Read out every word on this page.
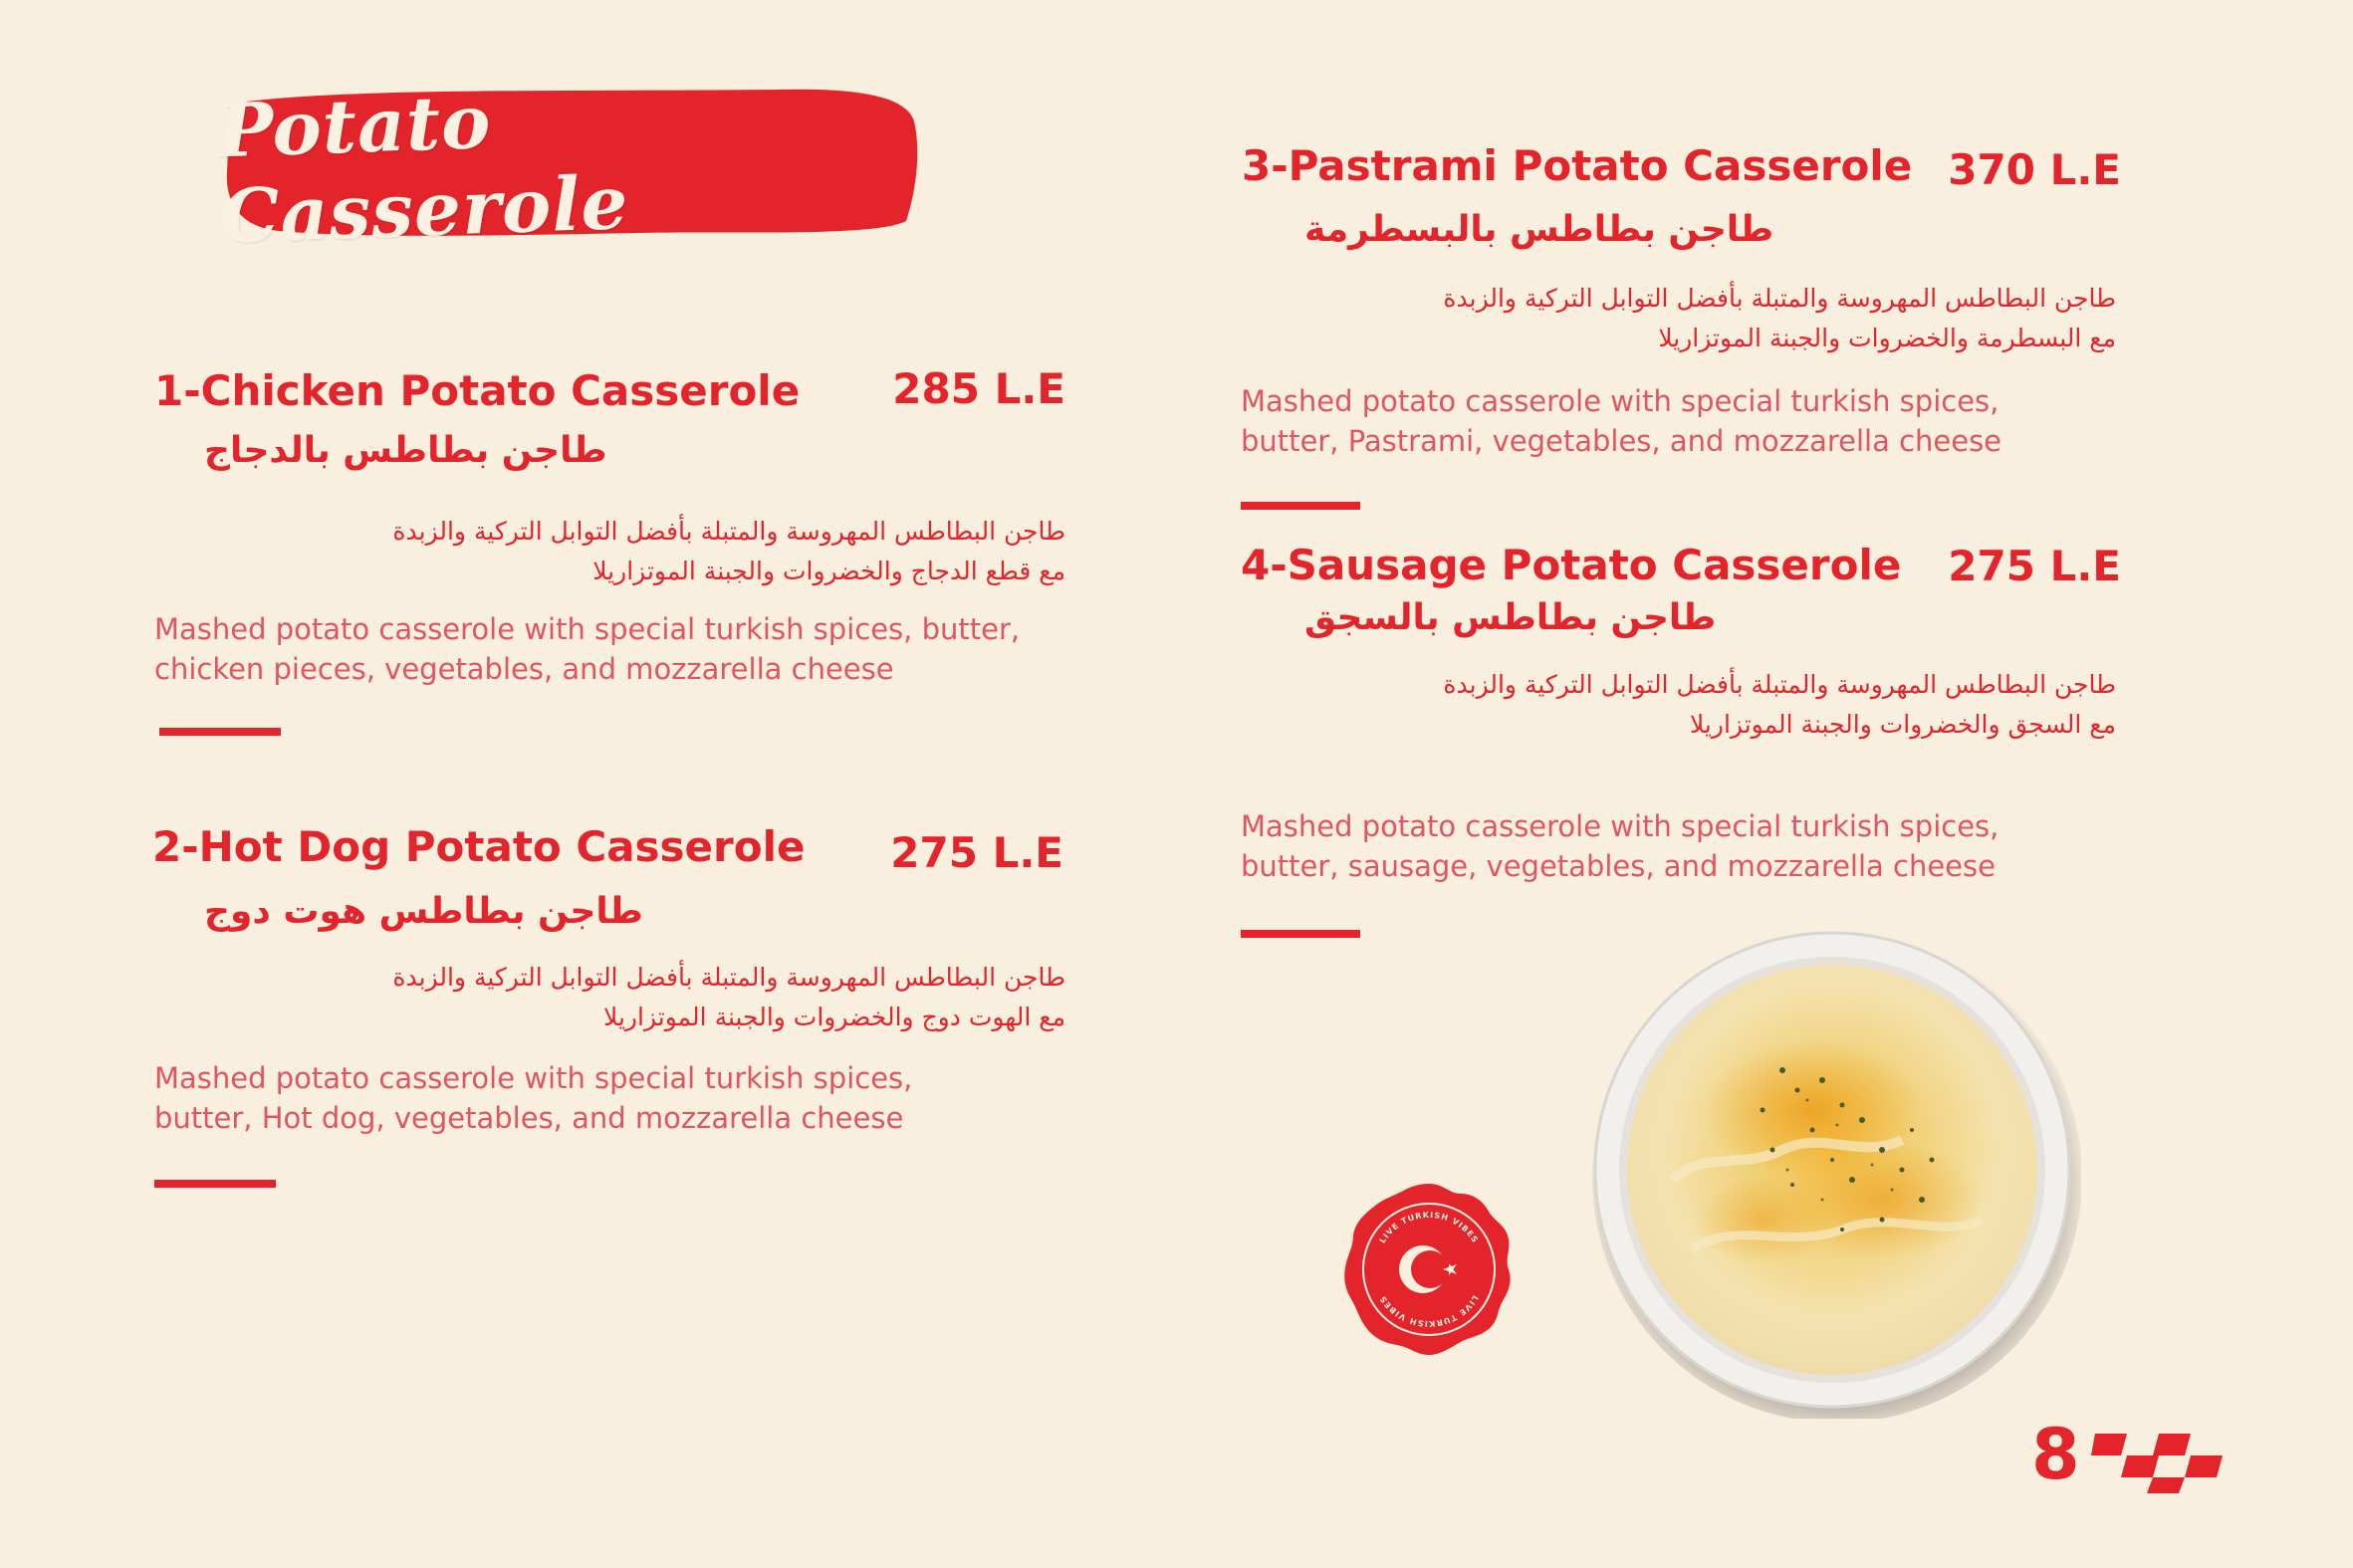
Potato Casserole
1-Chicken Potato Casserole	285 L.E
طاجن بطاطس بالدجاج
طاجن البطاطس المهروسة والمتبلة بأفضل التوابل التركية والزبدة
مع قطع الدجاج والخضروات والجبنة الموتزاريلا
Mashed potato casserole with special turkish spices, butter,
chicken pieces, vegetables, and mozzarella cheese
2-Hot Dog Potato Casserole	275 L.E
طاجن بطاطس هوت دوج
طاجن البطاطس المهروسة والمتبلة بأفضل التوابل التركية والزبدة
مع الهوت دوج والخضروات والجبنة الموتزاريلا
Mashed potato casserole with special turkish spices,
butter, Hot dog, vegetables, and mozzarella cheese
3-Pastrami Potato Casserole 370 L.E
طاجن بطاطس بالبسطرمة
طاجن البطاطس المهروسة والمتبلة بأفضل التوابل التركية والزبدة
مع البسطرمة والخضروات والجبنة الموتزاريلا
Mashed potato casserole with special turkish spices,
butter, Pastrami, vegetables, and mozzarella cheese
4-Sausage Potato Casserole	275 L.E
طاجن بطاطس بالسجق
طاجن البطاطس المهروسة والمتبلة بأفضل التوابل التركية والزبدة
مع السجق والخضروات والجبنة الموتزاريلا
Mashed potato casserole with special turkish spices,
butter, sausage, vegetables, and mozzarella cheese
LIVE TURKISH VIBES
LIVE TURKISH VIBES
8
